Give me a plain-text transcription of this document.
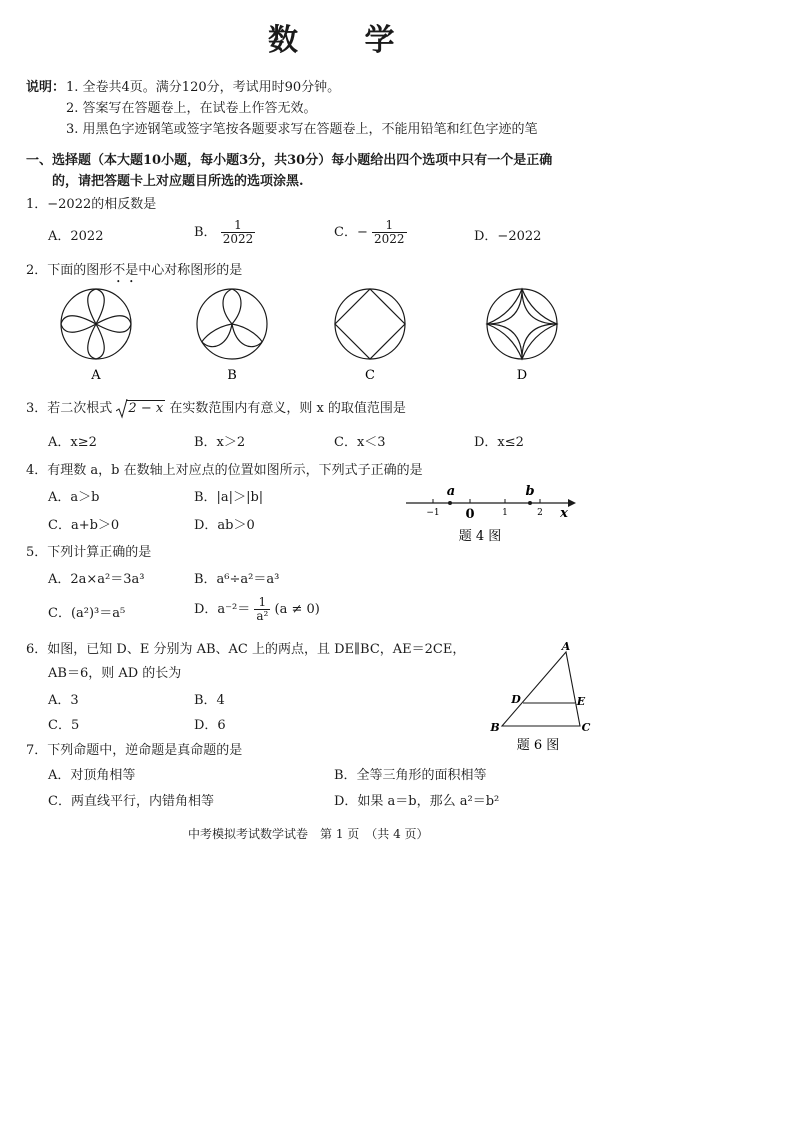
数 学
说明： 1. 全卷共4页。满分120分，考试用时90分钟。
2. 答案写在答题卷上，在试卷上作答无效。
3. 用黑色字迹钢笔或签字笔按各题要求写在答题卷上，不能用铅笔和红色字迹的笔
一、选择题（本大题10小题，每小题3分，共30分）每小题给出四个选项中只有一个是正确
的，请把答题卡上对应题目所选的选项涂黑.
1．−2022的相反数是
A．2022	B． $\frac{1}{2022}$	C．− $\frac{1}{2022}$	D．−2022
2．下面的图形不是中心对称图形的是
A	B	C	D
3．若二次根式 2 − x 在实数范围内有意义，则 x 的取值范围是
A．x≥2	B．x＞2	C．x＜3	D．x≤2
4．有理数 a，b 在数轴上对应点的位置如图所示，下列式子正确的是
A．a＞b	B．|a|＞|b|
C．a+b＞0	D．ab＞0
a	b
−1 0	1	2 x
题 4 图
5．下列计算正确的是
A．2a×a²＝3a³	B．a⁶÷a²＝a³
C．(a²)³＝a⁵	D．$a^{-2}= \frac{1}{\text{a²}} (a \ne 0)$
6．如图，已知 D、E 分别为 AB、AC 上的两点，且 DE∥BC，AE＝2CE，
AB＝6，则 AD 的长为
A．3	B．4
C．5	D．6
A
B	C
D	E
题 6 图
7．下列命题中，逆命题是真命题的是
A．对顶角相等	B．全等三角形的面积相等
C．两直线平行，内错角相等	D．如果 a＝b，那么 a²＝b²
中考模拟考试数学试卷　第 1 页　（共 4 页）
